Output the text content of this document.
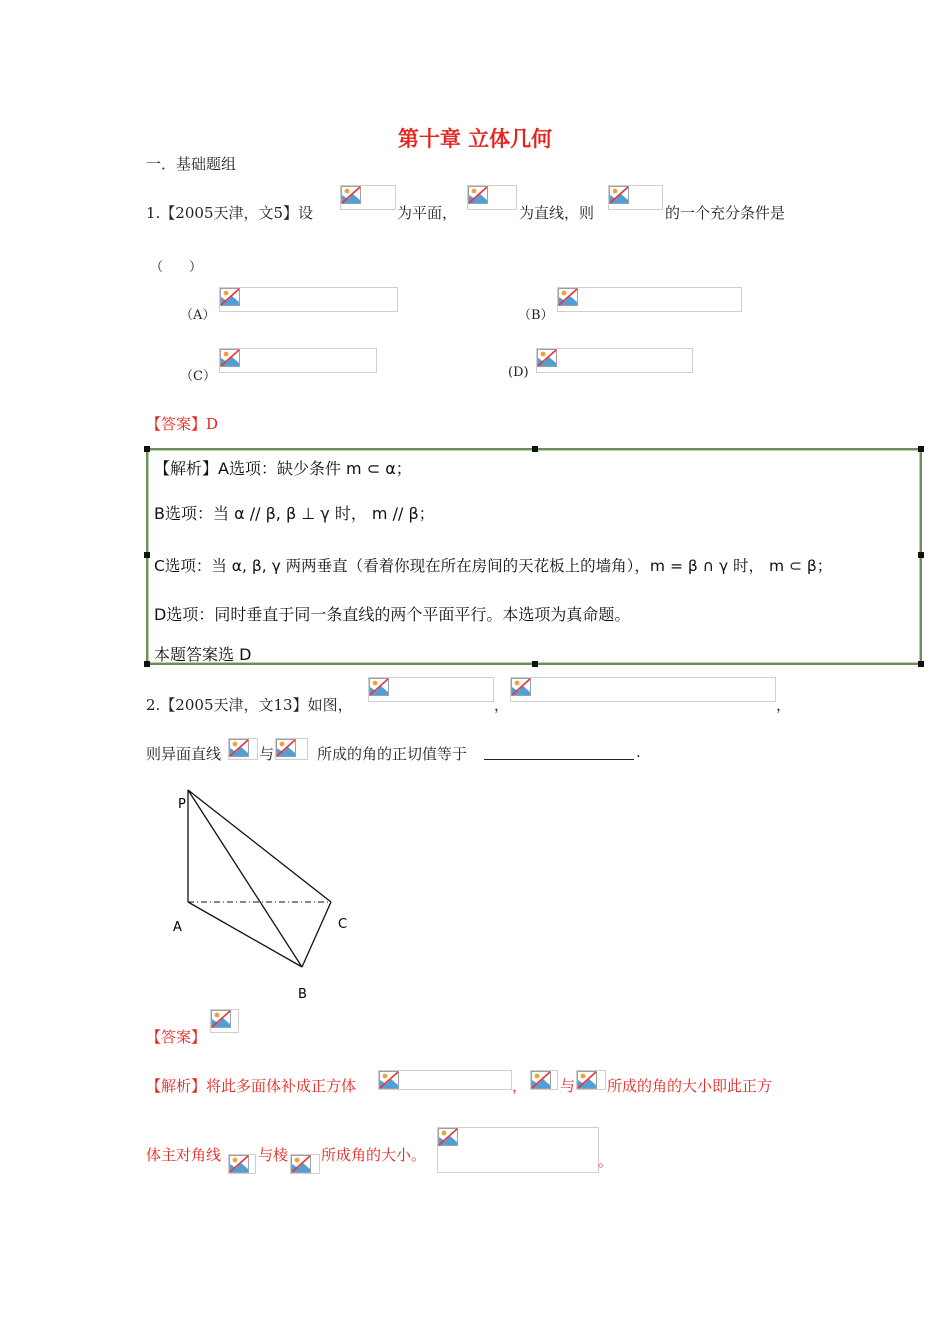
第十章 立体几何
一．基础题组
1.【2005天津，文5】设	为平面，	为直线，则	的一个充分条件是
（　　）
（A）	（B）
（C）	(D)
【答案】D
【解析】A选项：缺少条件 m ⊂ α；
B选项：当 α // β, β ⊥ γ 时， m // β；
C选项：当 α, β, γ 两两垂直（看着你现在所在房间的天花板上的墙角），m = β ∩ γ 时， m ⊂ β；
D选项：同时垂直于同一条直线的两个平面平行。本选项为真命题。
本题答案选 D
2.【2005天津，文13】如图，	，	，
则异面直线	与	所成的角的正切值等于	.
P
A
B
C
【答案】
【解析】将此多面体补成正方体	， 与 所成的角的大小即此正方
体主对角线 与棱 所成角的大小。	。
